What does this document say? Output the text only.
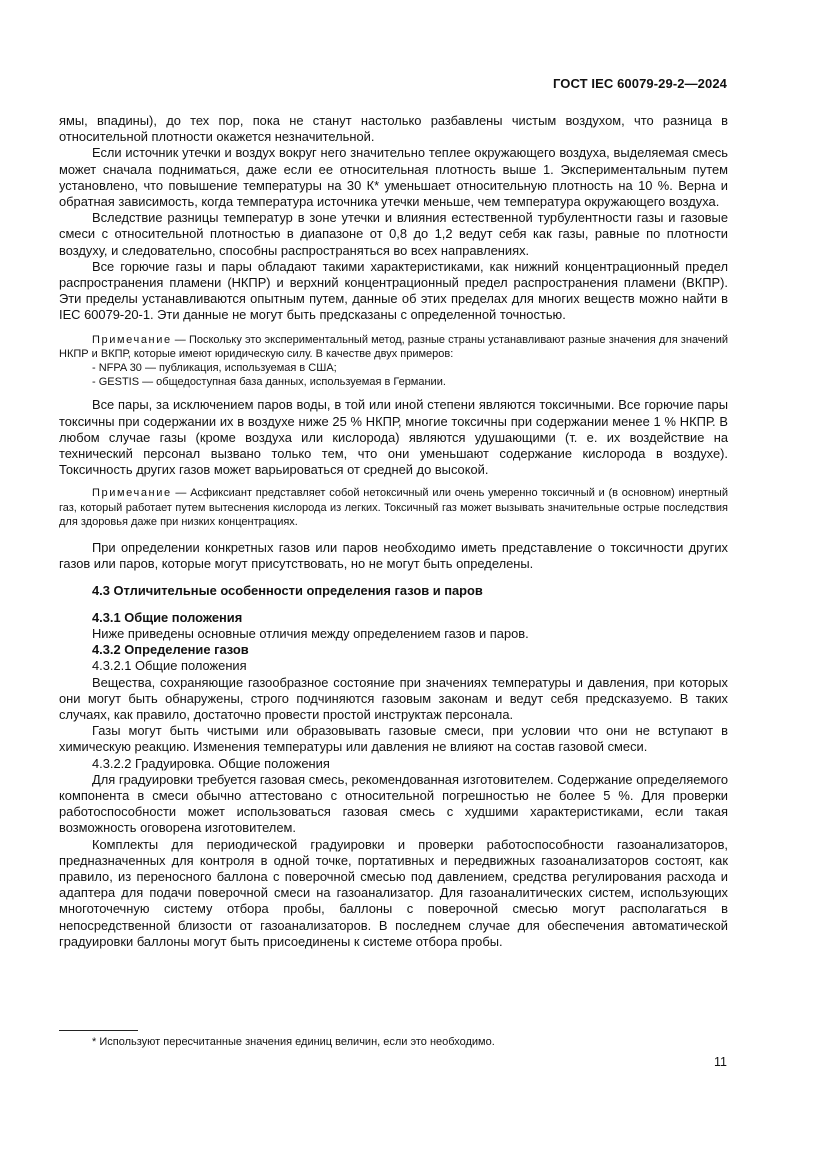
ГОСТ IEC 60079-29-2—2024

ямы, впадины), до тех пор, пока не станут настолько разбавлены чистым воздухом, что разница в относительной плотности окажется незначительной.

Если источник утечки и воздух вокруг него значительно теплее окружающего воздуха, выделяемая смесь может сначала подниматься, даже если ее относительная плотность выше 1. Экспериментальным путем установлено, что повышение температуры на 30 К* уменьшает относительную плотность на 10 %. Верна и обратная зависимость, когда температура источника утечки меньше, чем температура окружающего воздуха.

Вследствие разницы температур в зоне утечки и влияния естественной турбулентности газы и газовые смеси с относительной плотностью в диапазоне от 0,8 до 1,2 ведут себя как газы, равные по плотности воздуху, и следовательно, способны распространяться во всех направлениях.

Все горючие газы и пары обладают такими характеристиками, как нижний концентрационный предел распространения пламени (НКПР) и верхний концентрационный предел распространения пламени (ВКПР). Эти пределы устанавливаются опытным путем, данные об этих пределах для многих веществ можно найти в IEC 60079-20-1. Эти данные не могут быть предсказаны с определенной точностью.

Примечание — Поскольку это экспериментальный метод, разные страны устанавливают разные значения для значений НКПР и ВКПР, которые имеют юридическую силу. В качестве двух примеров:

- NFPA 30 — публикация, используемая в США;

- GESTIS — общедоступная база данных, используемая в Германии.

Все пары, за исключением паров воды, в той или иной степени являются токсичными. Все горючие пары токсичны при содержании их в воздухе ниже 25 % НКПР, многие токсичны при содержании менее 1 % НКПР. В любом случае газы (кроме воздуха или кислорода) являются удушающими (т. е. их воздействие на технический персонал вызвано только тем, что они уменьшают содержание кислорода в воздухе). Токсичность других газов может варьироваться от средней до высокой.

Примечание — Асфиксиант представляет собой нетоксичный или очень умеренно токсичный и (в основном) инертный газ, который работает путем вытеснения кислорода из легких. Токсичный газ может вызывать значительные острые последствия для здоровья даже при низких концентрациях.

При определении конкретных газов или паров необходимо иметь представление о токсичности других газов или паров, которые могут присутствовать, но не могут быть определены.

4.3 Отличительные особенности определения газов и паров

4.3.1 Общие положения

Ниже приведены основные отличия между определением газов и паров.

4.3.2 Определение газов

4.3.2.1 Общие положения

Вещества, сохраняющие газообразное состояние при значениях температуры и давления, при которых они могут быть обнаружены, строго подчиняются газовым законам и ведут себя предсказуемо. В таких случаях, как правило, достаточно провести простой инструктаж персонала.

Газы могут быть чистыми или образовывать газовые смеси, при условии что они не вступают в химическую реакцию. Изменения температуры или давления не влияют на состав газовой смеси.

4.3.2.2 Градуировка. Общие положения

Для градуировки требуется газовая смесь, рекомендованная изготовителем. Содержание определяемого компонента в смеси обычно аттестовано с относительной погрешностью не более 5 %. Для проверки работоспособности может использоваться газовая смесь с худшими характеристиками, если такая возможность оговорена изготовителем.

Комплекты для периодической градуировки и проверки работоспособности газоанализаторов, предназначенных для контроля в одной точке, портативных и передвижных газоанализаторов состоят, как правило, из переносного баллона с поверочной смесью под давлением, средства регулирования расхода и адаптера для подачи поверочной смеси на газоанализатор. Для газоаналитических систем, использующих многоточечную систему отбора пробы, баллоны с поверочной смесью могут располагаться в непосредственной близости от газоанализаторов. В последнем случае для обеспечения автоматической градуировки баллоны могут быть присоединены к системе отбора пробы.

* Используют пересчитанные значения единиц величин, если это необходимо.
11
